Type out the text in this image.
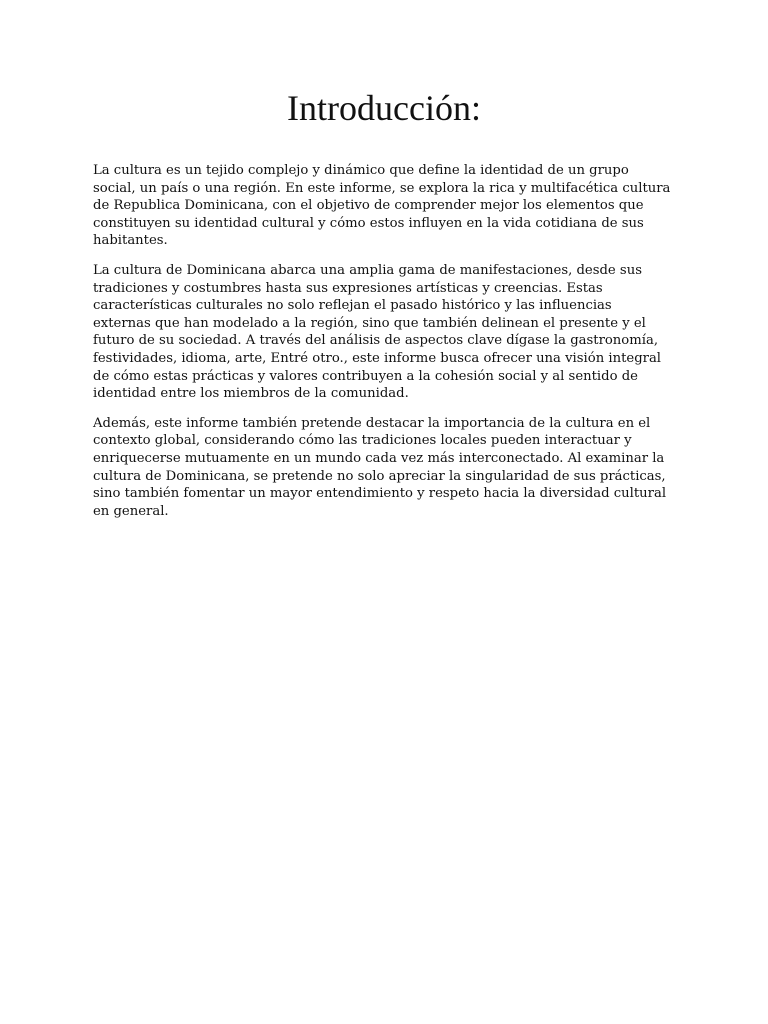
Introducción:

La cultura es un tejido complejo y dinámico que define la identidad de un grupo social, un país o una región. En este informe, se explora la rica y multifacética cultura de Republica Dominicana, con el objetivo de comprender mejor los elementos que constituyen su identidad cultural y cómo estos influyen en la vida cotidiana de sus habitantes.

La cultura de Dominicana abarca una amplia gama de manifestaciones, desde sus tradiciones y costumbres hasta sus expresiones artísticas y creencias. Estas características culturales no solo reflejan el pasado histórico y las influencias externas que han modelado a la región, sino que también delinean el presente y el futuro de su sociedad. A través del análisis de aspectos clave dígase la gastronomía, festividades, idioma, arte, Entré otro., este informe busca ofrecer una visión integral de cómo estas prácticas y valores contribuyen a la cohesión social y al sentido de identidad entre los miembros de la comunidad.

Además, este informe también pretende destacar la importancia de la cultura en el contexto global, considerando cómo las tradiciones locales pueden interactuar y enriquecerse mutuamente en un mundo cada vez más interconectado. Al examinar la cultura de Dominicana, se pretende no solo apreciar la singularidad de sus prácticas, sino también fomentar un mayor entendimiento y respeto hacia la diversidad cultural en general.
